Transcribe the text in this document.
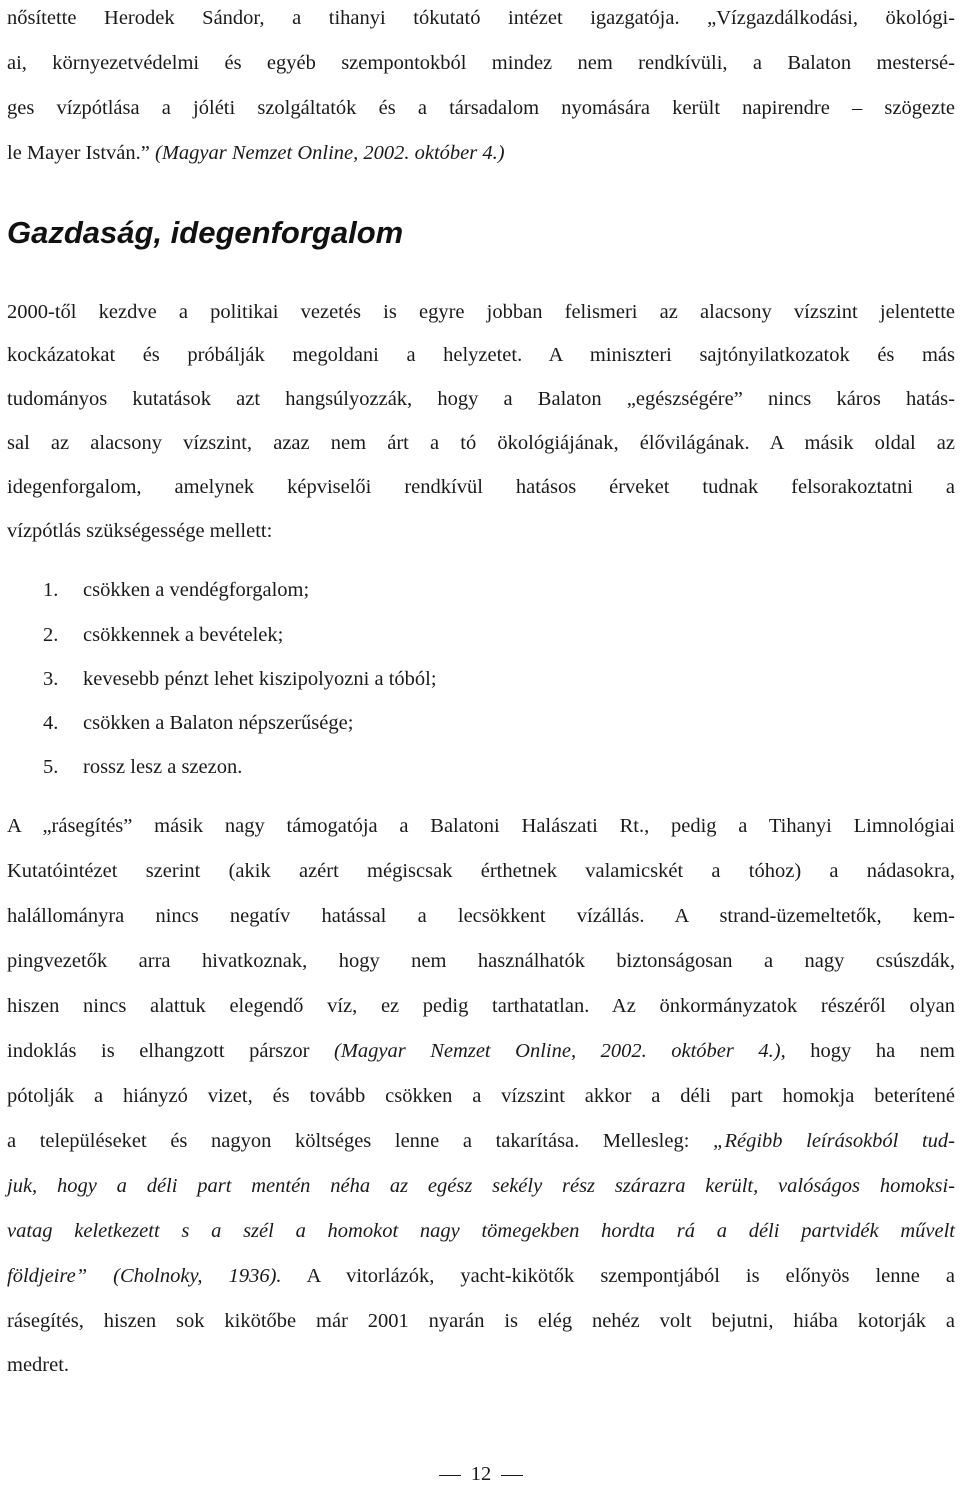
nősítette Herodek Sándor, a tihanyi tókutató intézet igazgatója. „Vízgazdálkodási, ökológi-
ai, környezetvédelmi és egyéb szempontokból mindez nem rendkívüli, a Balaton mestersé-
ges vízpótlása a jóléti szolgáltatók és a társadalom nyomására került napirendre – szögezte
le Mayer István.” (Magyar Nemzet Online, 2002. október 4.)
Gazdaság, idegenforgalom
2000-től kezdve a politikai vezetés is egyre jobban felismeri az alacsony vízszint jelentette
kockázatokat és próbálják megoldani a helyzetet. A miniszteri sajtónyilatkozatok és más
tudományos kutatások azt hangsúlyozzák, hogy a Balaton „egészségére” nincs káros hatás-
sal az alacsony vízszint, azaz nem árt a tó ökológiájának, élővilágának. A másik oldal az
idegenforgalom, amelynek képviselői rendkívül hatásos érveket tudnak felsorakoztatni a
vízpótlás szükségessége mellett:
1. csökken a vendégforgalom;
2. csökkennek a bevételek;
3. kevesebb pénzt lehet kiszipolyozni a tóból;
4. csökken a Balaton népszerűsége;
5. rossz lesz a szezon.
A „rásegítés” másik nagy támogatója a Balatoni Halászati Rt., pedig a Tihanyi Limnológiai
Kutatóintézet szerint (akik azért mégiscsak érthetnek valamicskét a tóhoz) a nádasokra,
halállományra nincs negatív hatással a lecsökkent vízállás. A strand-üzemeltetők, kem-
pingvezetők arra hivatkoznak, hogy nem használhatók biztonságosan a nagy csúszdák,
hiszen nincs alattuk elegendő víz, ez pedig tarthatatlan. Az önkormányzatok részéről olyan
indoklás is elhangzott párszor (Magyar Nemzet Online, 2002. október 4.), hogy ha nem
pótolják a hiányzó vizet, és tovább csökken a vízszint akkor a déli part homokja beterítené
a településeket és nagyon költséges lenne a takarítása. Mellesleg: „Régibb leírásokból tud-
juk, hogy a déli part mentén néha az egész sekély rész szárazra került, valóságos homoksi-
vatag keletkezett s a szél a homokot nagy tömegekben hordta rá a déli partvidék művelt
földjeire” (Cholnoky, 1936). A vitorlázók, yacht-kikötők szempontjából is előnyös lenne a
rásegítés, hiszen sok kikötőbe már 2001 nyarán is elég nehéz volt bejutni, hiába kotorják a
medret.
12
